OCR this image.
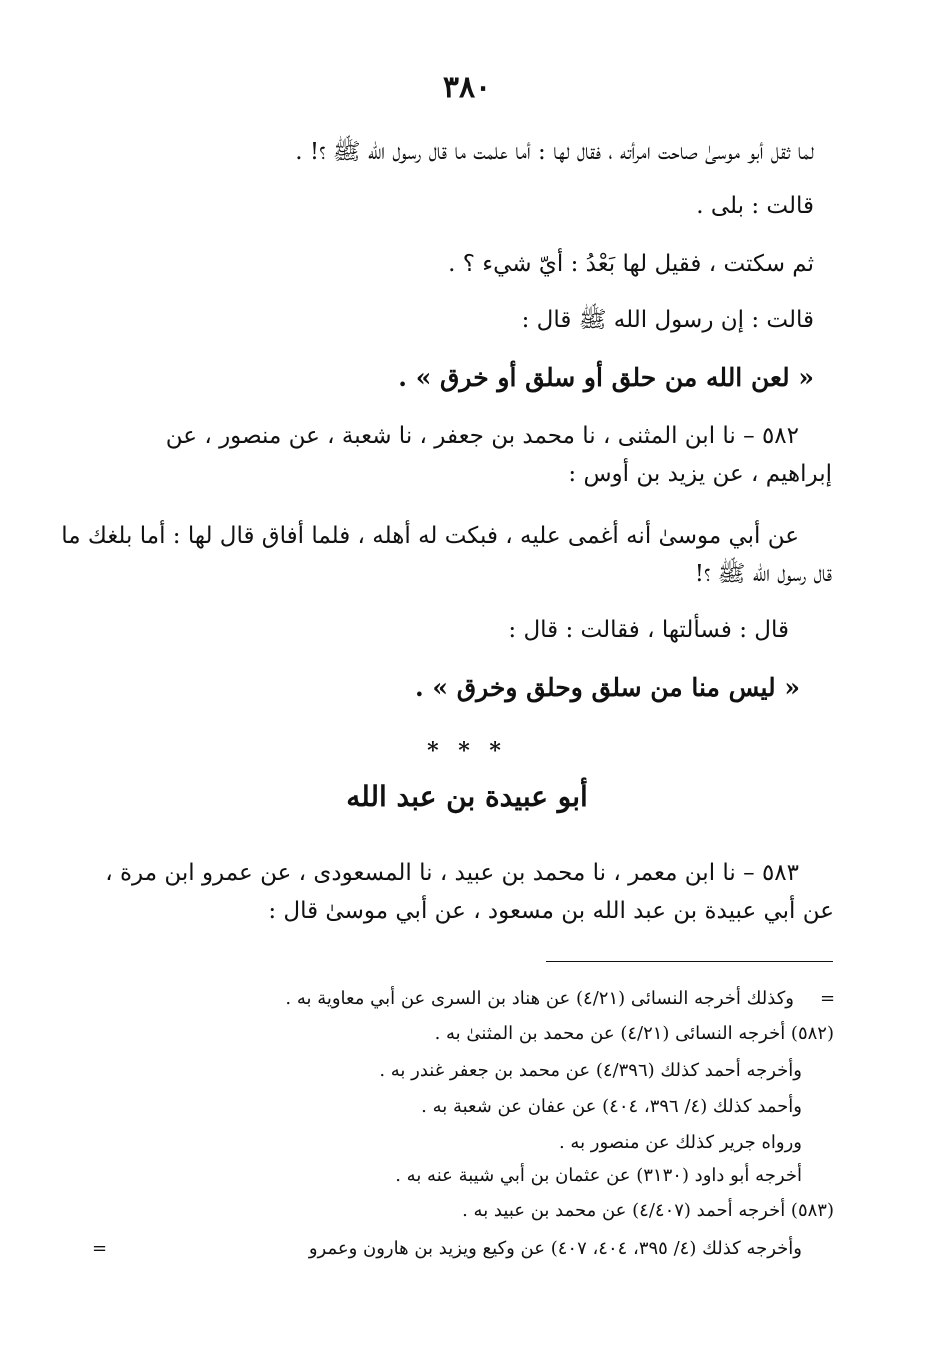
٣٨٠
لما ثقل أبو موسىٰ صاحت امرأته ، فقال لها : أما علمت ما قال رسول الله ﷺ ؟! .
قالت : بلى .
ثم سكتت ، فقيل لها بَعْدُ : أيّ شيء ؟ .
قالت : إن رسول الله ﷺ قال :
« لعن الله من حلق أو سلق أو خرق » .
٥٨٢ – نا ابن المثنى ، نا محمد بن جعفر ، نا شعبة ، عن منصور ، عن
إبراهيم ، عن يزيد بن أوس :
عن أبي موسىٰ أنه أغمى عليه ، فبكت له أهله ، فلما أفاق قال لها : أما بلغك ما
قال رسول الله ﷺ ؟!
قال : فسألتها ، فقالت : قال :
« ليس منا من سلق وحلق وخرق » .
* * *
أبو عبيدة بن عبد الله
٥٨٣ – نا ابن معمر ، نا محمد بن عبيد ، نا المسعودى ، عن عمرو ابن مرة ،
عن أبي عبيدة بن عبد الله بن مسعود ، عن أبي موسىٰ قال :
=
وكذلك أخرجه النسائى (٤/٢١) عن هناد بن السرى عن أبي معاوية به .
(٥٨٢) أخرجه النسائى (٤/٢١) عن محمد بن المثنىٰ به .
وأخرجه أحمد كذلك (٤/٣٩٦) عن محمد بن جعفر غندر به .
وأحمد كذلك (٤/ ٣٩٦، ٤٠٤) عن عفان عن شعبة به .
ورواه جرير كذلك عن منصور به .
أخرجه أبو داود (٣١٣٠) عن عثمان بن أبي شيبة عنه به .
(٥٨٣) أخرجه أحمد (٤/٤٠٧) عن محمد بن عبيد به .
وأخرجه كذلك (٤/ ٣٩٥، ٤٠٤، ٤٠٧) عن وكيع ويزيد بن هارون وعمرو
=
